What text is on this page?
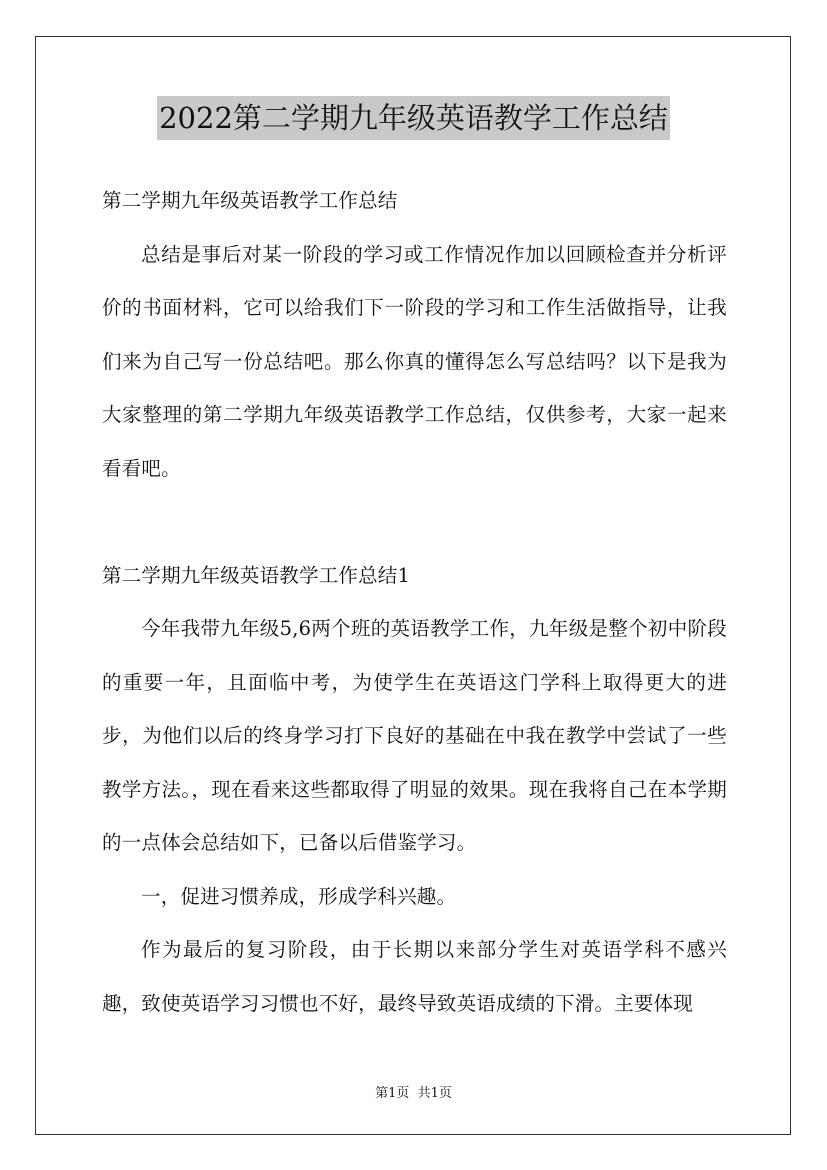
2022第二学期九年级英语教学工作总结

第二学期九年级英语教学工作总结

总结是事后对某一阶段的学习或工作情况作加以回顾检查并分析评价的书面材料，它可以给我们下一阶段的学习和工作生活做指导，让我们来为自己写一份总结吧。那么你真的懂得怎么写总结吗？以下是我为大家整理的第二学期九年级英语教学工作总结，仅供参考，大家一起来看看吧。

第二学期九年级英语教学工作总结1

今年我带九年级5,6两个班的英语教学工作，九年级是整个初中阶段的重要一年，且面临中考，为使学生在英语这门学科上取得更大的进步，为他们以后的终身学习打下良好的基础在中我在教学中尝试了一些教学方法。，现在看来这些都取得了明显的效果。现在我将自己在本学期的一点体会总结如下，已备以后借鉴学习。

一，促进习惯养成，形成学科兴趣。

作为最后的复习阶段，由于长期以来部分学生对英语学科不感兴趣，致使英语学习习惯也不好，最终导致英语成绩的下滑。主要体现

第1页  共1页
